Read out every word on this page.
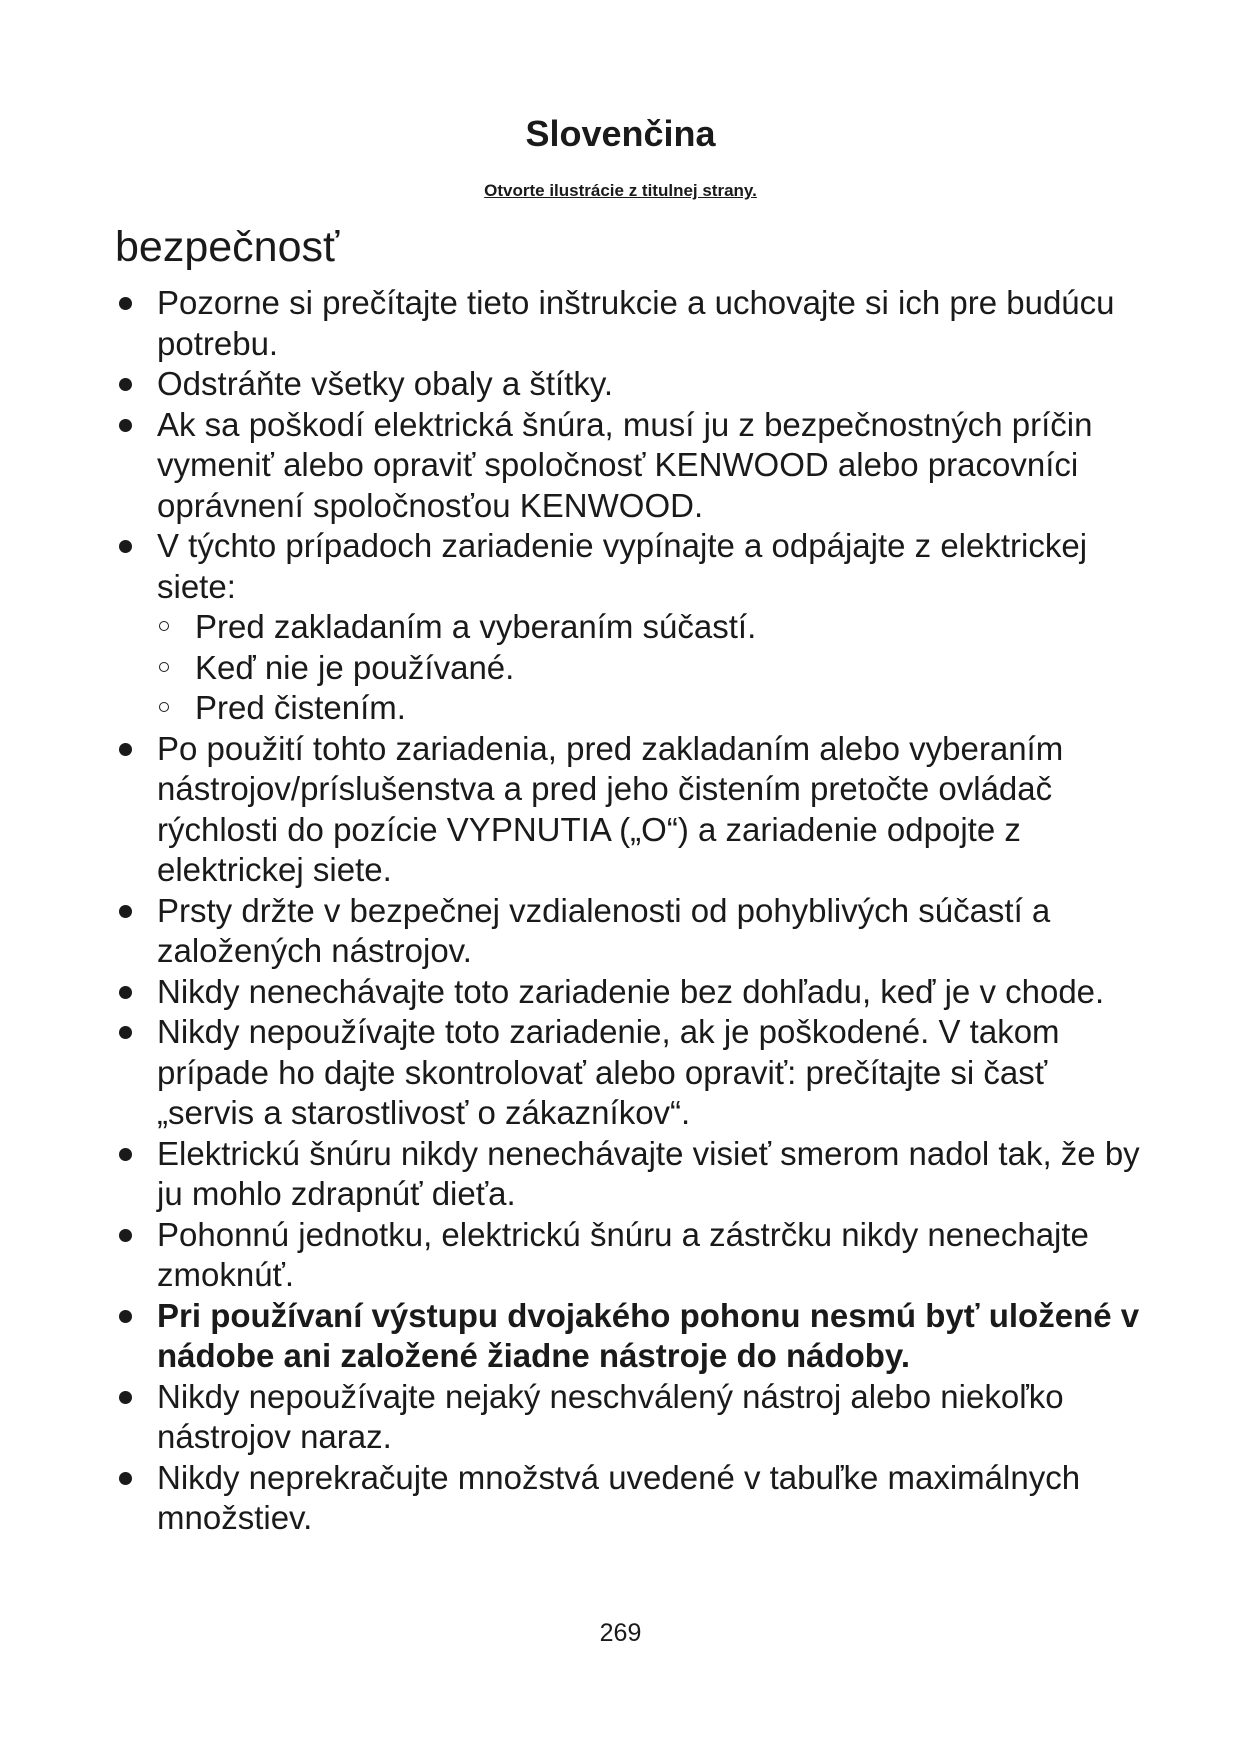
Slovenčina
Otvorte ilustrácie z titulnej strany.
bezpečnosť
Pozorne si prečítajte tieto inštrukcie a uchovajte si ich pre budúcu potrebu.
Odstráňte všetky obaly a štítky.
Ak sa poškodí elektrická šnúra, musí ju z bezpečnostných príčin vymeniť alebo opraviť spoločnosť KENWOOD alebo pracovníci oprávnení spoločnosťou KENWOOD.
V týchto prípadoch zariadenie vypínajte a odpájajte z elektrickej siete:
Pred zakladaním a vyberaním súčastí.
Keď nie je používané.
Pred čistením.
Po použití tohto zariadenia, pred zakladaním alebo vyberaním nástrojov/príslušenstva a pred jeho čistením pretočte ovládač rýchlosti do pozície VYPNUTIA („O“) a zariadenie odpojte z elektrickej siete.
Prsty držte v bezpečnej vzdialenosti od pohyblivých súčastí a založených nástrojov.
Nikdy nenechávajte toto zariadenie bez dohľadu, keď je v chode.
Nikdy nepoužívajte toto zariadenie, ak je poškodené. V takom prípade ho dajte skontrolovať alebo opraviť: prečítajte si časť „servis a starostlivosť o zákazníkov“.
Elektrickú šnúru nikdy nenechávajte visieť smerom nadol tak, že by ju mohlo zdrapnúť dieťa.
Pohonnú jednotku, elektrickú šnúru a zástrčku nikdy nenechajte zmoknúť.
Pri používaní výstupu dvojakého pohonu nesmú byť uložené v nádobe ani založené žiadne nástroje do nádoby.
Nikdy nepoužívajte nejaký neschválený nástroj alebo niekoľko nástrojov naraz.
Nikdy neprekračujte množstvá uvedené v tabuľke maximálnych množstiev.
269
